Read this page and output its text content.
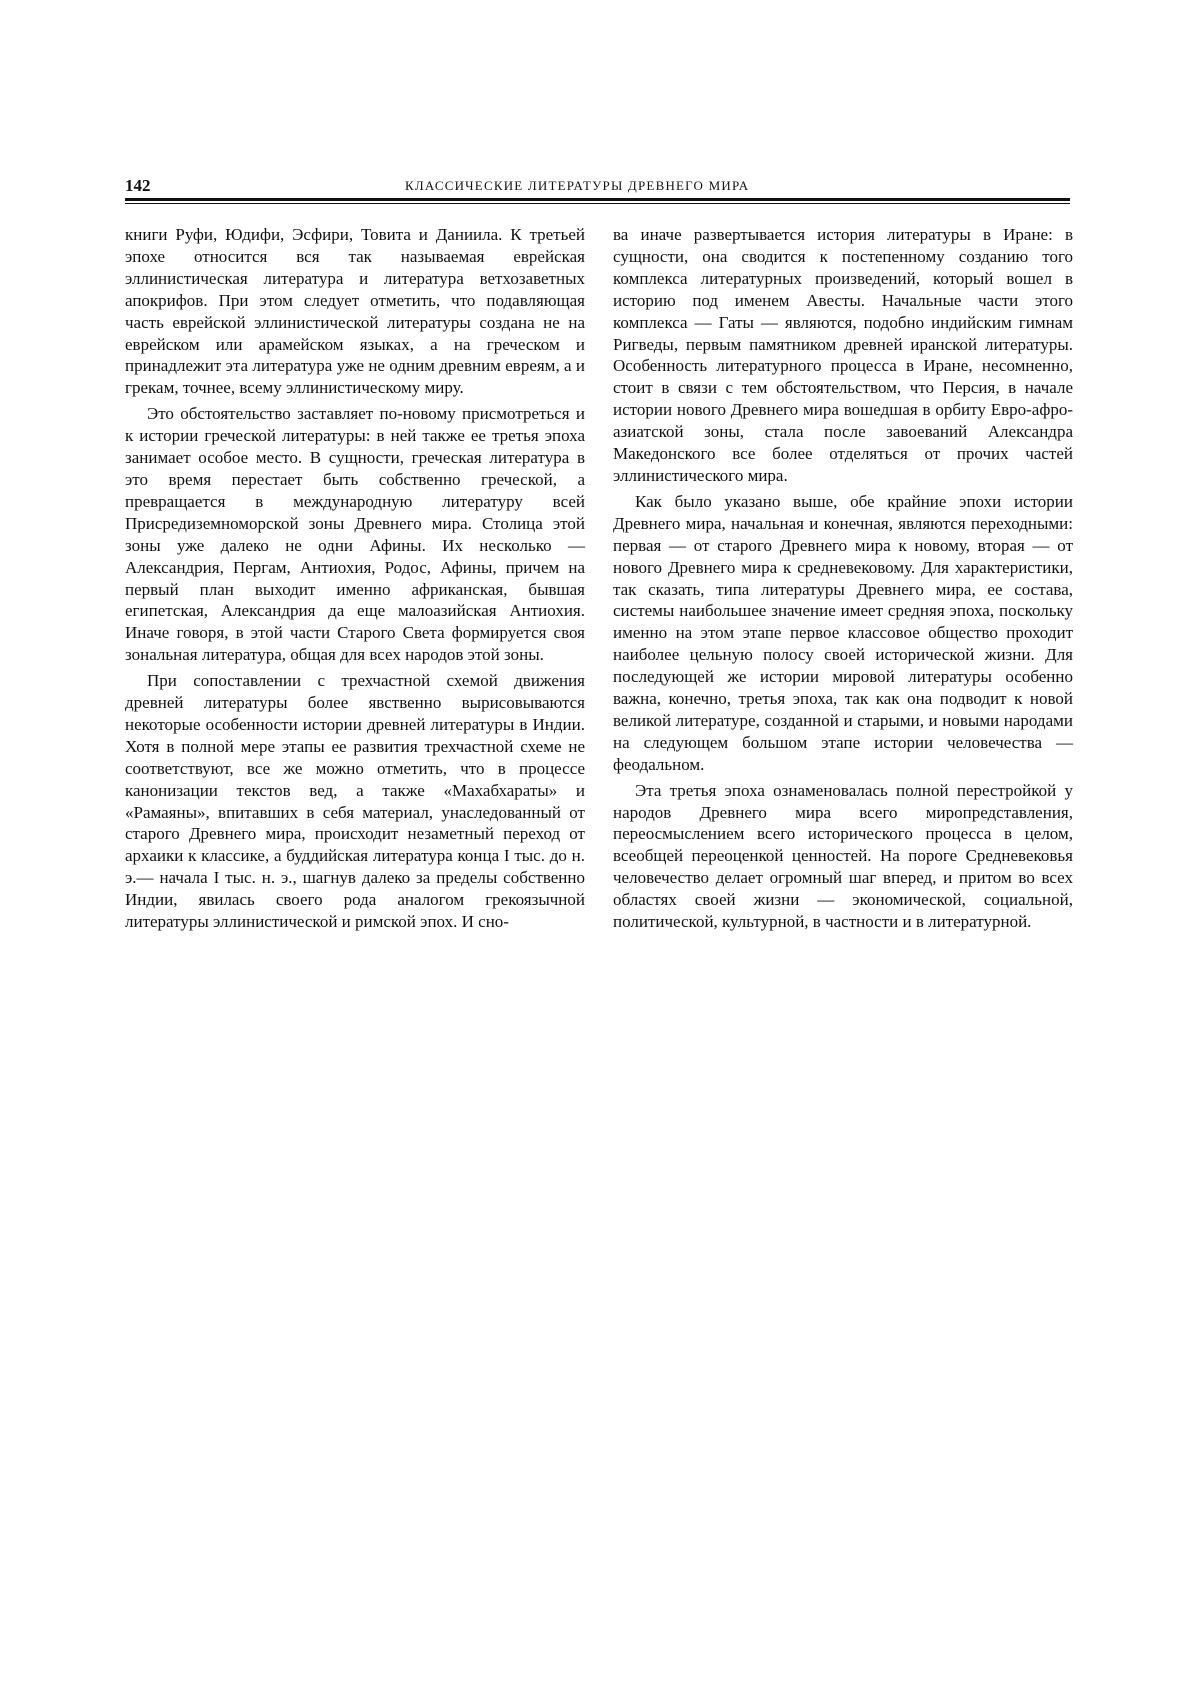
142	КЛАССИЧЕСКИЕ ЛИТЕРАТУРЫ ДРЕВНЕГО МИРА

книги Руфи, Юдифи, Эсфири, Товита и Даниила. К третьей эпохе относится вся так называемая еврейская эллинистическая литература и литература ветхозаветных апокрифов. При этом следует отметить, что подавляющая часть еврейской эллинистической литературы создана не на еврейском или арамейском языках, а на греческом и принадлежит эта литература уже не одним древним евреям, а и грекам, точнее, всему эллинистическому миру.

Это обстоятельство заставляет по-новому присмотреться и к истории греческой литературы: в ней также ее третья эпоха занимает особое место. В сущности, греческая литература в это время перестает быть собственно греческой, а превращается в международную литературу всей Присредиземноморской зоны Древнего мира. Столица этой зоны уже далеко не одни Афины. Их несколько — Александрия, Пергам, Антиохия, Родос, Афины, причем на первый план выходит именно африканская, бывшая египетская, Александрия да еще малоазийская Антиохия. Иначе говоря, в этой части Старого Света формируется своя зональная литература, общая для всех народов этой зоны.

При сопоставлении с трехчастной схемой движения древней литературы более явственно вырисовываются некоторые особенности истории древней литературы в Индии. Хотя в полной мере этапы ее развития трехчастной схеме не соответствуют, все же можно отметить, что в процессе канонизации текстов вед, а также «Махабхараты» и «Рамаяны», впитавших в себя материал, унаследованный от старого Древнего мира, происходит незаметный переход от архаики к классике, а буддийская литература конца I тыс. до н. э.— начала I тыс. н. э., шагнув далеко за пределы собственно Индии, явилась своего рода аналогом грекоязычной литературы эллинистической и римской эпох. И сно-

ва иначе развертывается история литературы в Иране: в сущности, она сводится к постепенному созданию того комплекса литературных произведений, который вошел в историю под именем Авесты. Начальные части этого комплекса — Гаты — являются, подобно индийским гимнам Ригведы, первым памятником древней иранской литературы. Особенность литературного процесса в Иране, несомненно, стоит в связи с тем обстоятельством, что Персия, в начале истории нового Древнего мира вошедшая в орбиту Евро-афро-азиатской зоны, стала после завоеваний Александра Македонского все более отделяться от прочих частей эллинистического мира.

Как было указано выше, обе крайние эпохи истории Древнего мира, начальная и конечная, являются переходными: первая — от старого Древнего мира к новому, вторая — от нового Древнего мира к средневековому. Для характеристики, так сказать, типа литературы Древнего мира, ее состава, системы наибольшее значение имеет средняя эпоха, поскольку именно на этом этапе первое классовое общество проходит наиболее цельную полосу своей исторической жизни. Для последующей же истории мировой литературы особенно важна, конечно, третья эпоха, так как она подводит к новой великой литературе, созданной и старыми, и новыми народами на следующем большом этапе истории человечества — феодальном.

Эта третья эпоха ознаменовалась полной перестройкой у народов Древнего мира всего миропредставления, переосмыслением всего исторического процесса в целом, всеобщей переоценкой ценностей. На пороге Средневековья человечество делает огромный шаг вперед, и притом во всех областях своей жизни — экономической, социальной, политической, культурной, в частности и в литературной.
